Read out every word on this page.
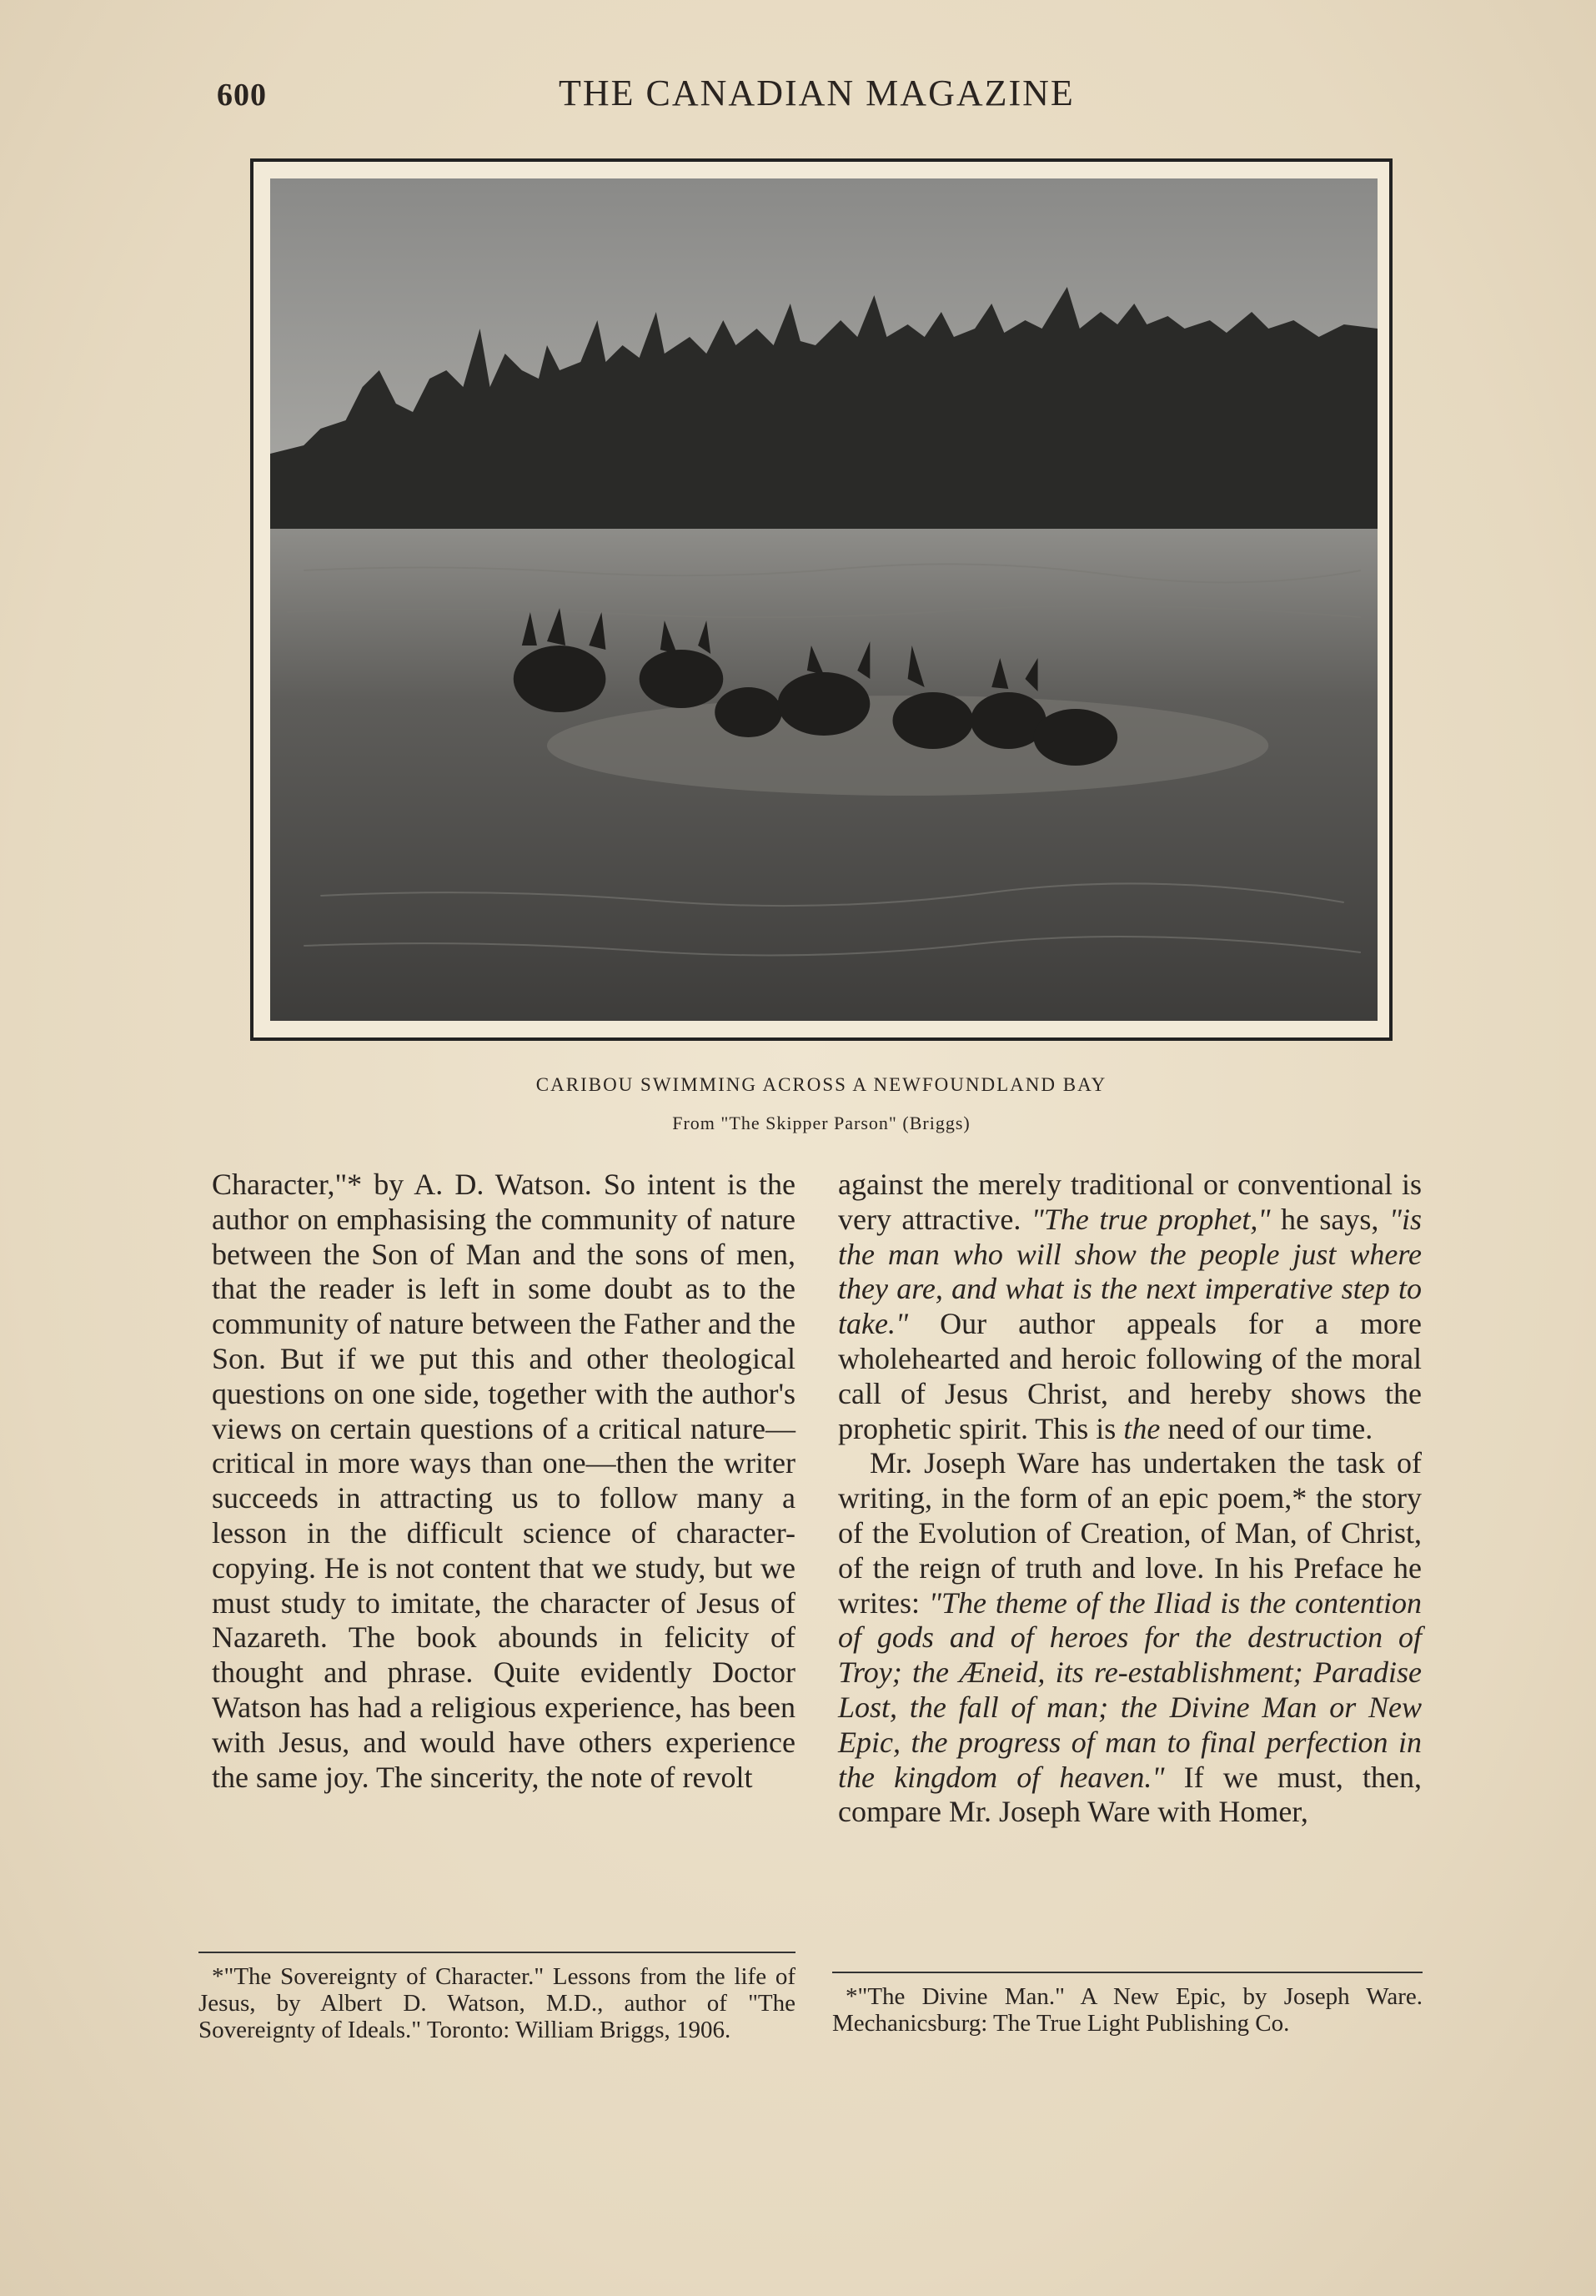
600	THE CANADIAN MAGAZINE
CARIBOU SWIMMING ACROSS A NEWFOUNDLAND BAY
From "The Skipper Parson" (Briggs)

Character,"* by A. D. Watson. So intent is the author on emphasising the community of nature between the Son of Man and the sons of men, that the reader is left in some doubt as to the community of nature between the Father and the Son. But if we put this and other theological questions on one side, together with the author's views on certain questions of a critical nature—critical in more ways than one—then the writer succeeds in attracting us to follow many a lesson in the difficult science of character-copying. He is not content that we study, but we must study to imitate, the character of Jesus of Nazareth. The book abounds in felicity of thought and phrase. Quite evidently Doctor Watson has had a religious experience, has been with Jesus, and would have others experience the same joy. The sincerity, the note of revolt

*"The Sovereignty of Character." Lessons from the life of Jesus, by Albert D. Watson, M.D., author of "The Sovereignty of Ideals." Toronto: William Briggs, 1906.

against the merely traditional or conventional is very attractive. "The true prophet," he says, "is the man who will show the people just where they are, and what is the next imperative step to take." Our author appeals for a more wholehearted and heroic following of the moral call of Jesus Christ, and hereby shows the prophetic spirit. This is the need of our time.

Mr. Joseph Ware has undertaken the task of writing, in the form of an epic poem,* the story of the Evolution of Creation, of Man, of Christ, of the reign of truth and love. In his Preface he writes: "The theme of the Iliad is the contention of gods and of heroes for the destruction of Troy; the Æneid, its re-establishment; Paradise Lost, the fall of man; the Divine Man or New Epic, the progress of man to final perfection in the kingdom of heaven." If we must, then, compare Mr. Joseph Ware with Homer,

*"The Divine Man." A New Epic, by Joseph Ware. Mechanicsburg: The True Light Publishing Co.
